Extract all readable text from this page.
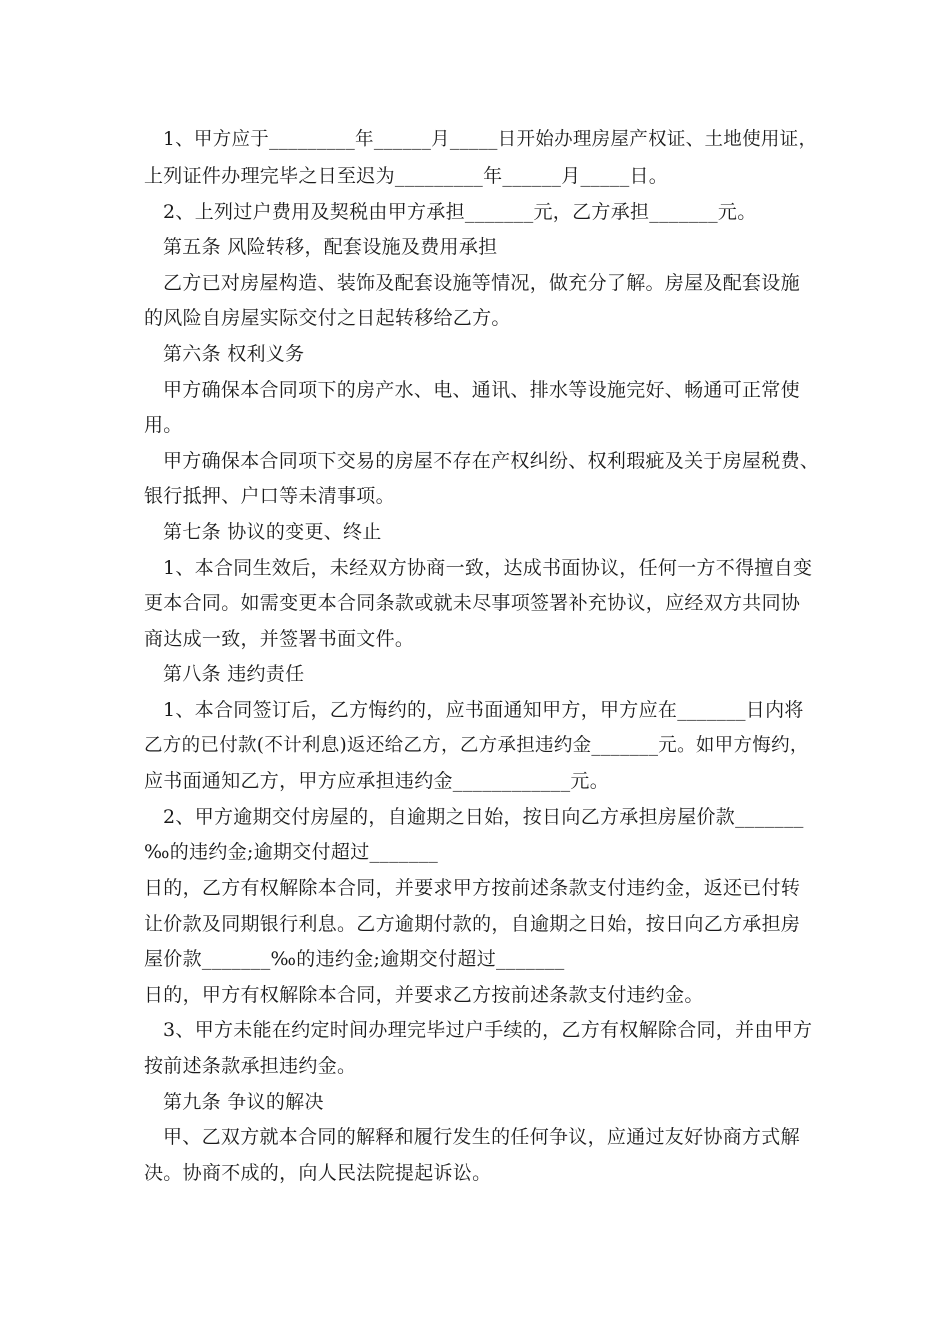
1、甲方应于_________年______月_____日开始办理房屋产权证、土地使用证，
上列证件办理完毕之日至迟为_________年______月_____日。
2、上列过户费用及契税由甲方承担_______元，乙方承担_______元。
第五条 风险转移，配套设施及费用承担
乙方已对房屋构造、装饰及配套设施等情况，做充分了解。房屋及配套设施
的风险自房屋实际交付之日起转移给乙方。
第六条 权利义务
甲方确保本合同项下的房产水、电、通讯、排水等设施完好、畅通可正常使
用。
甲方确保本合同项下交易的房屋不存在产权纠纷、权利瑕疵及关于房屋税费、
银行抵押、户口等未清事项。
第七条 协议的变更、终止
1、本合同生效后，未经双方协商一致，达成书面协议，任何一方不得擅自变
更本合同。如需变更本合同条款或就未尽事项签署补充协议，应经双方共同协
商达成一致，并签署书面文件。
第八条 违约责任
1、本合同签订后，乙方悔约的，应书面通知甲方，甲方应在_______日内将
乙方的已付款(不计利息)返还给乙方，乙方承担违约金_______元。如甲方悔约，
应书面通知乙方，甲方应承担违约金____________元。
2、甲方逾期交付房屋的，自逾期之日始，按日向乙方承担房屋价款_______
‰的违约金;逾期交付超过_______
日的，乙方有权解除本合同，并要求甲方按前述条款支付违约金，返还已付转
让价款及同期银行利息。乙方逾期付款的，自逾期之日始，按日向乙方承担房
屋价款_______‰的违约金;逾期交付超过_______
日的，甲方有权解除本合同，并要求乙方按前述条款支付违约金。
3、甲方未能在约定时间办理完毕过户手续的，乙方有权解除合同，并由甲方
按前述条款承担违约金。
第九条 争议的解决
甲、乙双方就本合同的解释和履行发生的任何争议，应通过友好协商方式解
决。协商不成的，向人民法院提起诉讼。
